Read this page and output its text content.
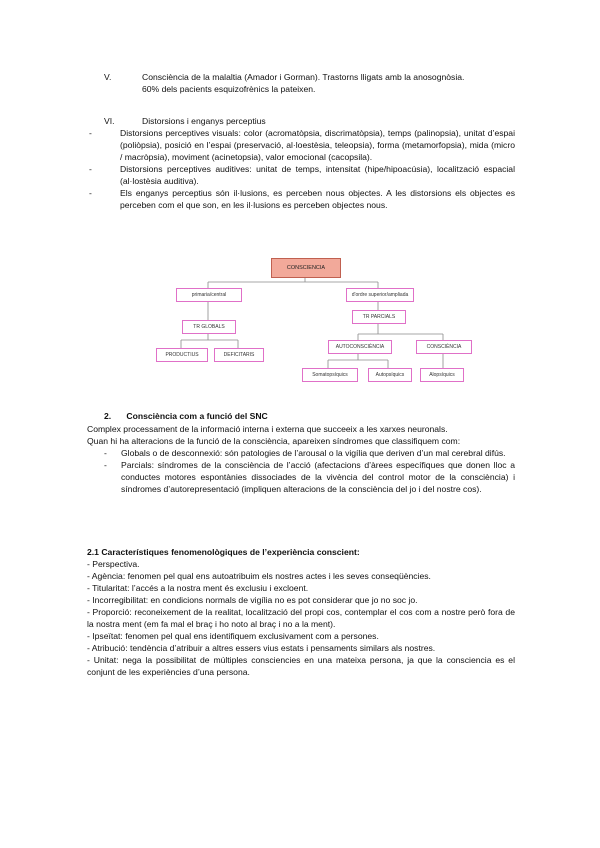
V.	Consciència de la malaltia (Amador i Gorman). Trastorns lligats amb la anosognòsia.
60% dels pacients esquizofrènics la pateixen.
VI.	Distorsions i enganys perceptius
-	Distorsions perceptives visuals: color (acromatòpsia, discrimatòpsia), temps (palinopsia), unitat d’espai (poliòpsia), posició en l’espai (preservació, al·loestèsia, teleopsia), forma (metamorfopsia), mida (micro / macròpsia), moviment (acinetopsia), valor emocional (cacopsila).
-	Distorsions perceptives auditives: unitat de temps, intensitat (hipe/hipoacúsia), localització espacial (al·lostèsia auditiva).
-	Els enganys perceptius són il·lusions, es perceben nous objectes. A les distorsions els objectes es perceben com el que son, en les il·lusions es perceben objectes nous.
CONSCIENCIA
primaria/central	d'ordre superior/ampliada
TR GLOBALS
TR PARCIALS
PRODUCTIUS	DEFICITARIS
AUTOCONSCIÈNCIA	CONSCIÈNCIA
Somatopsíquics	Autopsíquics	Alopsíquics
2. Consciència com a funció del SNC
Complex processament de la informació interna i externa que succeeix a les xarxes neuronals.
Quan hi ha alteracions de la funció de la consciència, apareixen síndromes que classifiquem com:
- Globals o de desconnexió: són patologies de l’arousal o la vigília que deriven d’un mal cerebral difús.
- Parcials: síndromes de la consciència de l’acció (afectacions d’àrees específiques que donen lloc a conductes motores espontànies dissociades de la vivència del control motor de la consciència) i síndromes d’autorepresentació (impliquen alteracions de la consciència del jo i del nostre cos).
2.1 Característiques fenomenològiques de l’experiència conscient:
- Perspectiva.
- Agència: fenomen pel qual ens autoatribuim els nostres actes i les seves conseqüències.
- Titularitat: l’accés a la nostra ment és exclusiu i excloent.
- Incorregibilitat: en condicions normals de vigília no es pot considerar que jo no soc jo.
- Proporció: reconeixement de la realitat, localització del propi cos, contemplar el cos com a nostre però fora de la nostra ment (em fa mal el braç i ho noto al braç i no a la ment).
- Ipseïtat: fenomen pel qual ens identifiquem exclusivament com a persones.
- Atribució: tendència d’atribuir a altres essers vius estats i pensaments similars als nostres.
- Unitat: nega la possibilitat de múltiples consciencies en una mateixa persona, ja que la consciencia es el conjunt de les experiències d’una persona.
